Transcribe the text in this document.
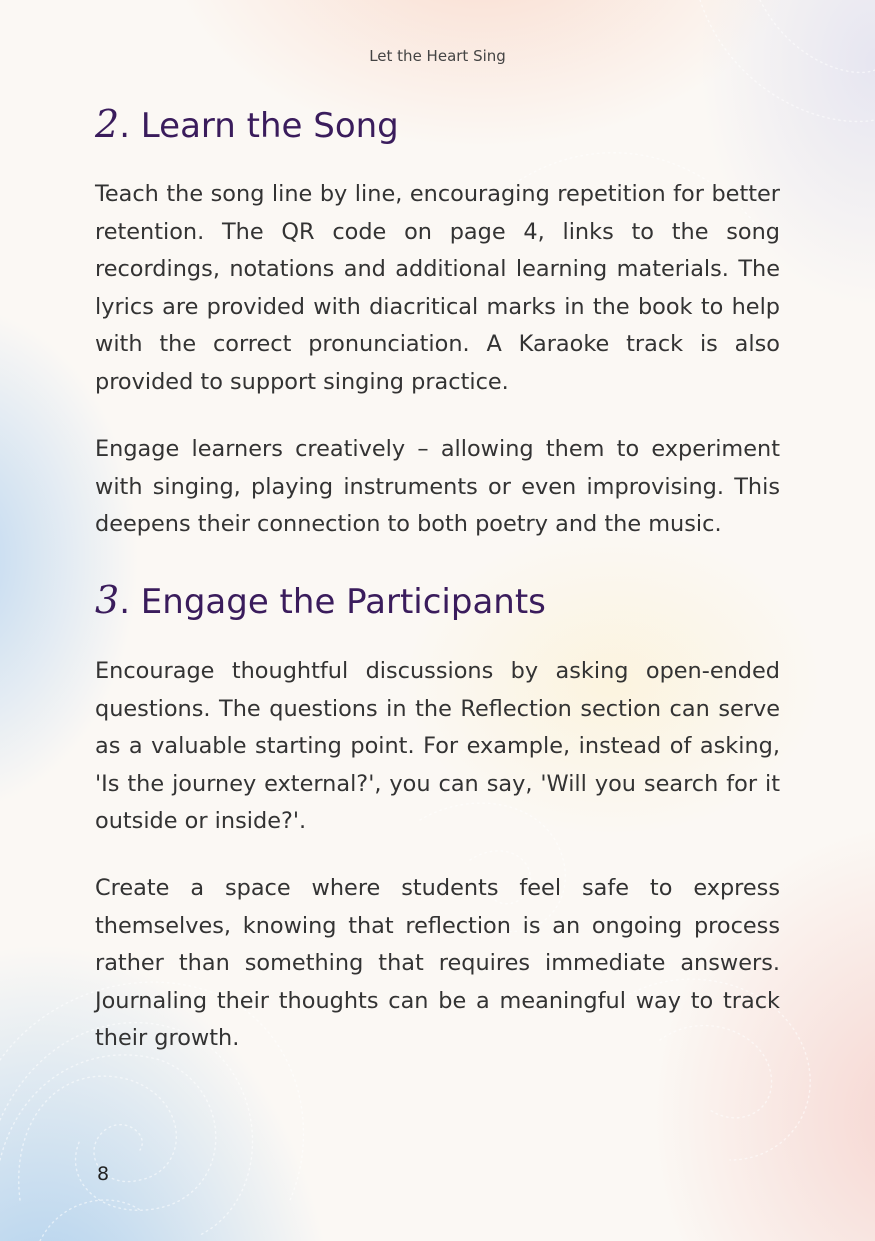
Let the Heart Sing
2. Learn the Song

Teach the song line by line, encouraging repetition for better retention. The QR code on page 4, links to the song recordings, notations and additional learning materials. The lyrics are provided with diacritical marks in the book to help with the correct pronunciation. A Karaoke track is also provided to support singing practice.

Engage learners creatively – allowing them to experiment with singing, playing instruments or even improvising. This deepens their connection to both poetry and the music.

3. Engage the Participants

Encourage thoughtful discussions by asking open-ended questions. The questions in the Reflection section can serve as a valuable starting point. For example, instead of asking, 'Is the journey external?', you can say, 'Will you search for it outside or inside?'.

Create a space where students feel safe to express themselves, knowing that reflection is an ongoing process rather than something that requires immediate answers. Journaling their thoughts can be a meaningful way to track their growth.

8
